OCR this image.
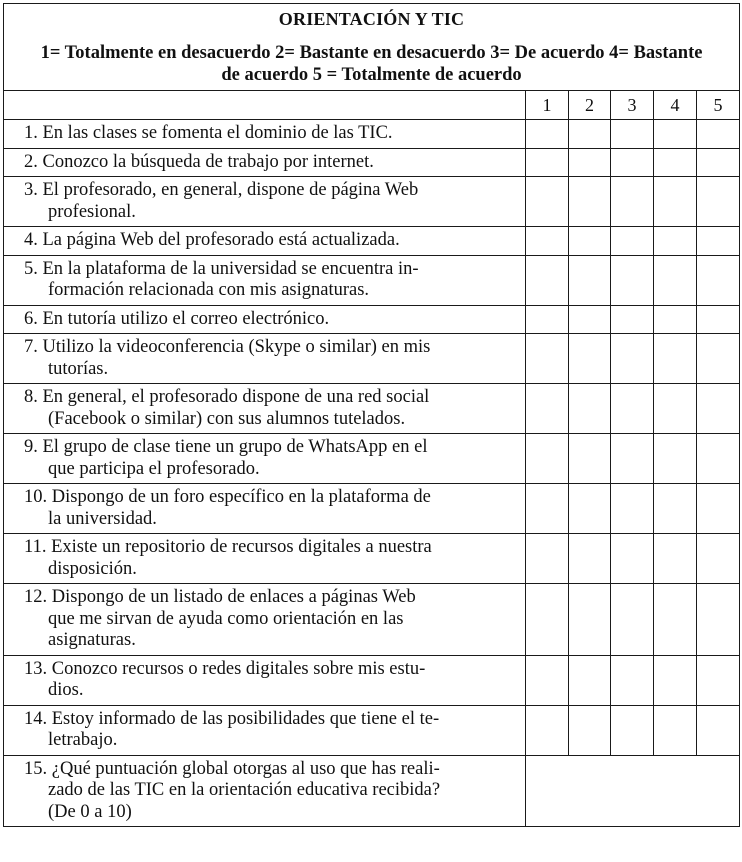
ORIENTACIÓN Y TIC
1= Totalmente en desacuerdo 2= Bastante en desacuerdo 3= De acuerdo 4= Bastante de acuerdo 5 = Totalmente de acuerdo					

	1	2	3	4	5
1. En las clases se fomenta el dominio de las TIC.					
2. Conozco la búsqueda de trabajo por internet.					
3. El profesorado, en general, dispone de página Web
profesional.					
4. La página Web del profesorado está actualizada.					
5. En la plataforma de la universidad se encuentra in-
formación relacionada con mis asignaturas.					
6. En tutoría utilizo el correo electrónico.					
7. Utilizo la videoconferencia (Skype o similar) en mis
tutorías.					
8. En general, el profesorado dispone de una red social
(Facebook o similar) con sus alumnos tutelados.					
9. El grupo de clase tiene un grupo de WhatsApp en el
que participa el profesorado.					
10. Dispongo de un foro específico en la plataforma de
la universidad.					
11. Existe un repositorio de recursos digitales a nuestra
disposición.					
12. Dispongo de un listado de enlaces a páginas Web
que me sirvan de ayuda como orientación en las
asignaturas.					
13. Conozco recursos o redes digitales sobre mis estu-
dios.					
14. Estoy informado de las posibilidades que tiene el te-
letrabajo.					
15. ¿Qué puntuación global otorgas al uso que has reali-
zado de las TIC en la orientación educativa recibida?
(De 0 a 10)					
